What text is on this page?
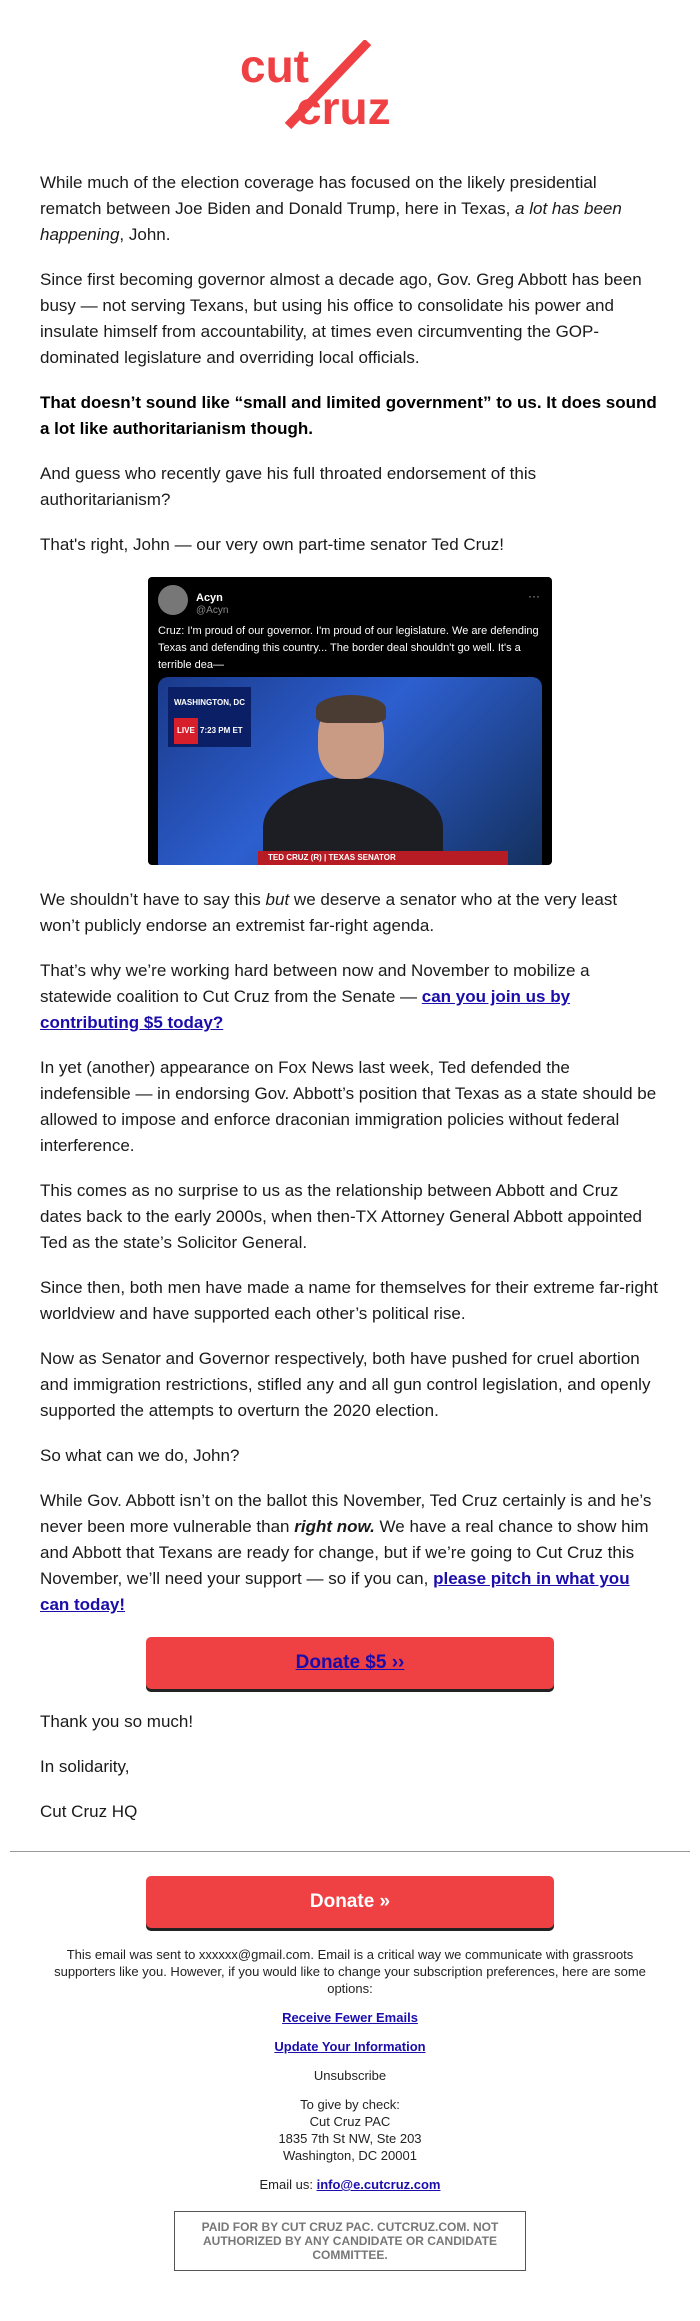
cut
cruz

While much of the election coverage has focused on the likely presidential rematch between Joe Biden and Donald Trump, here in Texas, a lot has been happening, John.

Since first becoming governor almost a decade ago, Gov. Greg Abbott has been busy — not serving Texans, but using his office to consolidate his power and insulate himself from accountability, at times even circumventing the GOP-dominated legislature and overriding local officials.

That doesn’t sound like “small and limited government” to us. It does sound a lot like authoritarianism though.

And guess who recently gave his full throated endorsement of this authoritarianism?

That's right, John — our very own part-time senator Ted Cruz!

Acyn
@Acyn
···
Cruz: I'm proud of our governor. I'm proud of our legislature. We are defending Texas and defending this country... The border deal shouldn't go well. It's a terrible dea—
WASHINGTON, DC
LIVE 7:23 PM ET
TED CRUZ (R) | TEXAS SENATOR

We shouldn’t have to say this but we deserve a senator who at the very least won’t publicly endorse an extremist far-right agenda.

That’s why we’re working hard between now and November to mobilize a statewide coalition to Cut Cruz from the Senate — can you join us by contributing $5 today?

In yet (another) appearance on Fox News last week, Ted defended the indefensible — in endorsing Gov. Abbott’s position that Texas as a state should be allowed to impose and enforce draconian immigration policies without federal interference.

This comes as no surprise to us as the relationship between Abbott and Cruz dates back to the early 2000s, when then-TX Attorney General Abbott appointed Ted as the state’s Solicitor General.

Since then, both men have made a name for themselves for their extreme far-right worldview and have supported each other’s political rise.

Now as Senator and Governor respectively, both have pushed for cruel abortion and immigration restrictions, stifled any and all gun control legislation, and openly supported the attempts to overturn the 2020 election.

So what can we do, John?

While Gov. Abbott isn’t on the ballot this November, Ted Cruz certainly is and he’s never been more vulnerable than right now. We have a real chance to show him and Abbott that Texans are ready for change, but if we’re going to Cut Cruz this November, we’ll need your support — so if you can, please pitch in what you can today!

Donate $5 ››

Thank you so much!

In solidarity,

Cut Cruz HQ

Donate »

This email was sent to xxxxxx@gmail.com. Email is a critical way we communicate with grassroots supporters like you. However, if you would like to change your subscription preferences, here are some options:

Receive Fewer Emails

Update Your Information

Unsubscribe

To give by check:
Cut Cruz PAC
1835 7th St NW, Ste 203
Washington, DC 20001

Email us: info@e.cutcruz.com

PAID FOR BY CUT CRUZ PAC. CUTCRUZ.COM. NOT AUTHORIZED BY ANY CANDIDATE OR CANDIDATE COMMITTEE.
